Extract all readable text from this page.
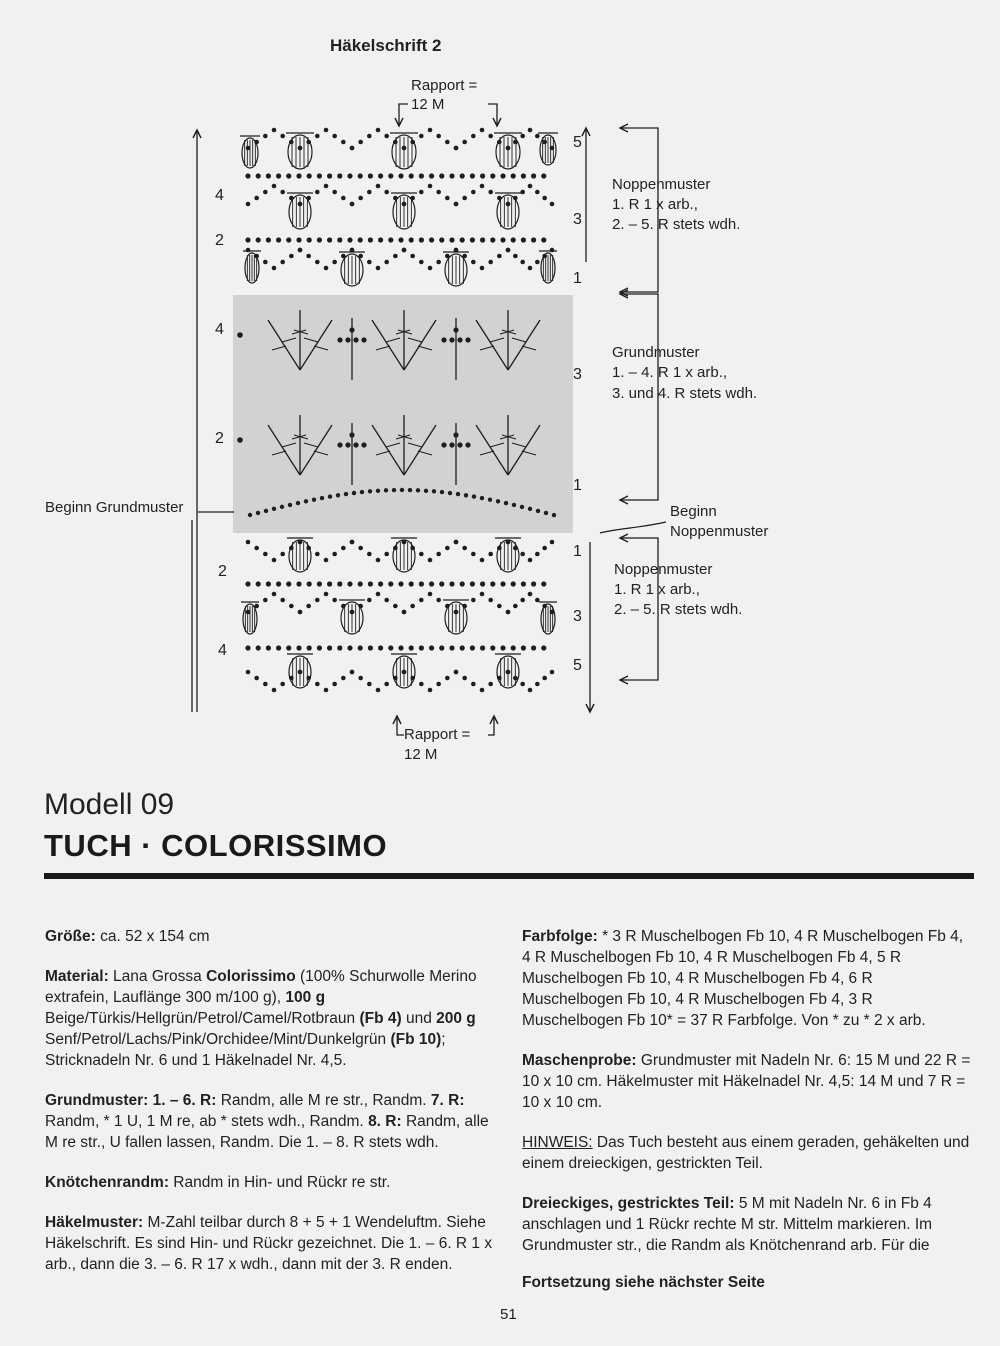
Häkelschrift 2
Rapport =
12 M
Rapport =
12 M
5
3
1
3
1
1
3
5
4
2
4
2
2
4
Noppenmuster
1. R 1 x arb.,
2. – 5. R stets wdh.
Grundmuster
1. – 4. R 1 x arb.,
3. und 4. R stets wdh.
Beginn
Noppenmuster
Beginn Grundmuster
Noppenmuster
1. R 1 x arb.,
2. – 5. R stets wdh.
Modell 09
TUCH · COLORISSIMO

Größe: ca. 52 x 154 cm

Material: Lana Grossa Colorissimo (100% Schurwolle Merino extrafein, Lauflänge 300 m/100 g), 100 g Beige/Türkis/Hellgrün/Petrol/Camel/Rotbraun (Fb 4) und 200 g Senf/Petrol/Lachs/Pink/Orchidee/Mint/Dunkelgrün (Fb 10); Stricknadeln Nr. 6 und 1 Häkelnadel Nr. 4,5.

Grundmuster: 1. – 6. R: Randm, alle M re str., Randm. 7. R: Randm, * 1 U, 1 M re, ab * stets wdh., Randm. 8. R: Randm, alle M re str., U fallen lassen, Randm. Die 1. – 8. R stets wdh.

Knötchenrandm: Randm in Hin- und Rückr re str.

Häkelmuster: M-Zahl teilbar durch 8 + 5 + 1 Wendeluftm. Siehe Häkelschrift. Es sind Hin- und Rückr gezeichnet. Die 1. – 6. R 1 x arb., dann die 3. – 6. R 17 x wdh., dann mit der 3. R enden.

Farbfolge: * 3 R Muschelbogen Fb 10, 4 R Muschelbogen Fb 4, 4 R Muschelbogen Fb 10, 4 R Muschelbogen Fb 4, 5 R Muschelbogen Fb 10, 4 R Muschelbogen Fb 4, 6 R Muschelbogen Fb 10, 4 R Muschelbogen Fb 4, 3 R Muschelbogen Fb 10* = 37 R Farbfolge. Von * zu * 2 x arb.

Maschenprobe: Grundmuster mit Nadeln Nr. 6: 15 M und 22 R = 10 x 10 cm. Häkelmuster mit Häkelnadel Nr. 4,5: 14 M und 7 R = 10 x 10 cm.

HINWEIS: Das Tuch besteht aus einem geraden, gehäkelten und einem dreieckigen, gestrickten Teil.

Dreieckiges, gestricktes Teil: 5 M mit Nadeln Nr. 6 in Fb 4 anschlagen und 1 Rückr rechte M str. Mittelm markieren. Im Grundmuster str., die Randm als Knötchenrand arb. Für die

Fortsetzung siehe nächster Seite

51
